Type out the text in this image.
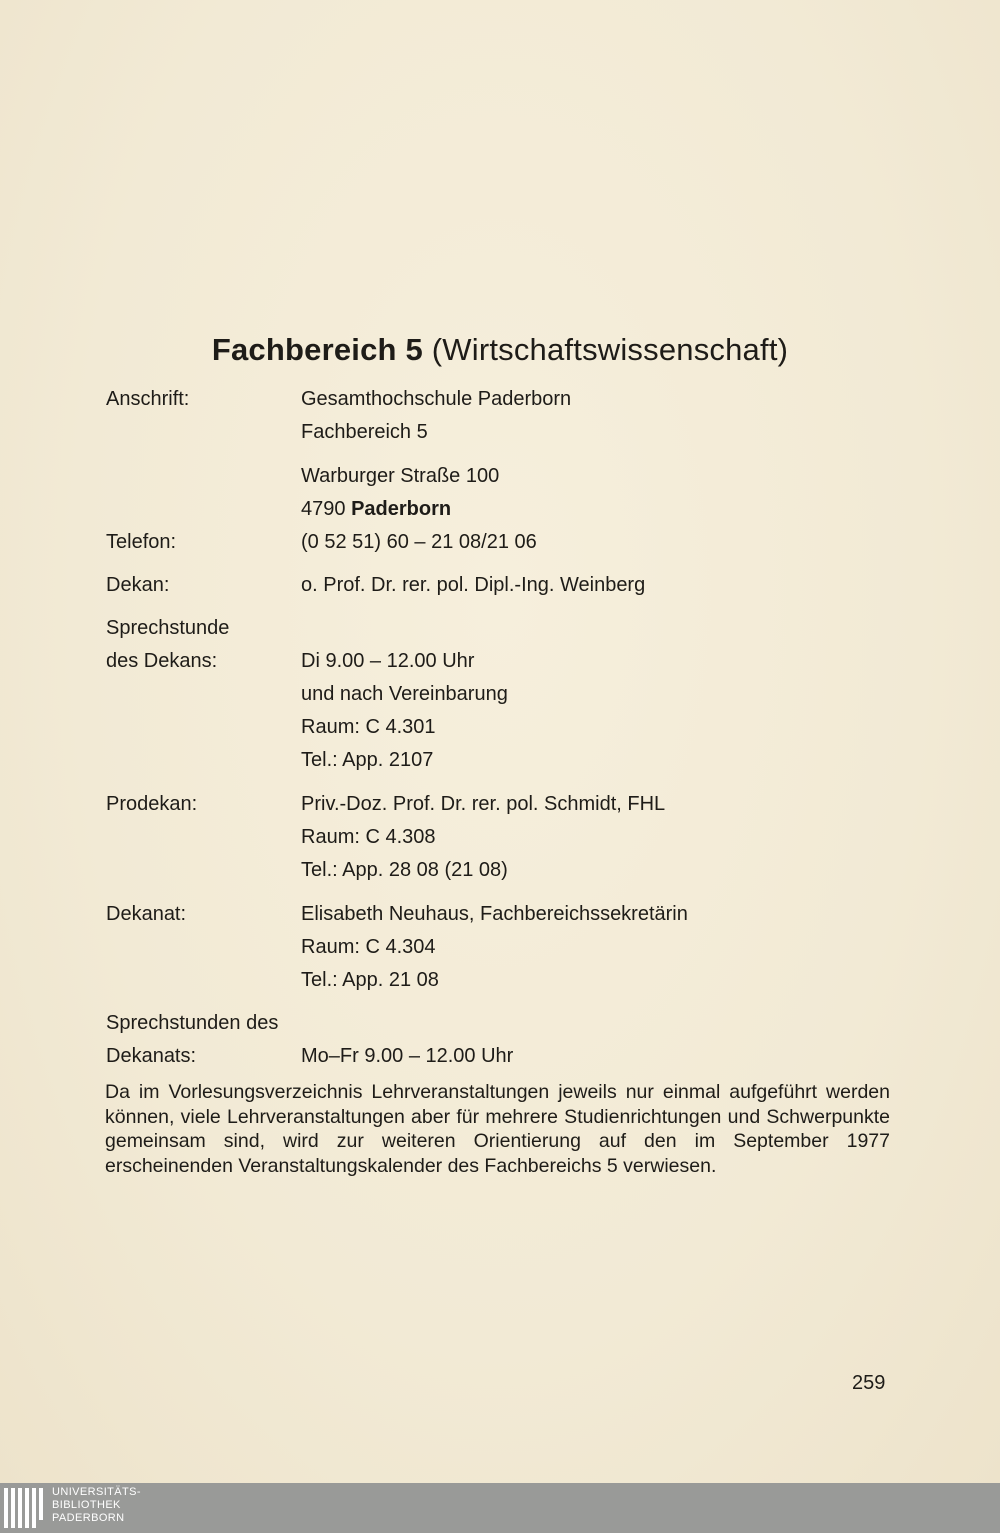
Fachbereich 5 (Wirtschaftswissenschaft)
Anschrift:	Gesamthochschule Paderborn
Fachbereich 5
Warburger Straße 100
4790 Paderborn
Telefon:	(0 52 51) 60 – 21 08/21 06
Dekan:	o. Prof. Dr. rer. pol. Dipl.-Ing. Weinberg
Sprechstunde
des Dekans:	Di 9.00 – 12.00 Uhr
und nach Vereinbarung
Raum: C 4.301
Tel.: App. 2107
Prodekan:	Priv.-Doz. Prof. Dr. rer. pol. Schmidt, FHL
Raum: C 4.308
Tel.: App. 28 08 (21 08)
Dekanat:	Elisabeth Neuhaus, Fachbereichssekretärin
Raum: C 4.304
Tel.: App. 21 08
Sprechstunden des
Dekanats:	Mo–Fr 9.00 – 12.00 Uhr
Da im Vorlesungsverzeichnis Lehrveranstaltungen jeweils nur einmal aufgeführt werden können, viele Lehrveranstaltungen aber für mehrere Studienrichtungen und Schwerpunkte gemeinsam sind, wird zur weiteren Orientierung auf den im September 1977 erscheinenden Veranstaltungskalender des Fachbereichs 5 verwiesen.
259
UNIVERSITÄTS-
BIBLIOTHEK
PADERBORN
